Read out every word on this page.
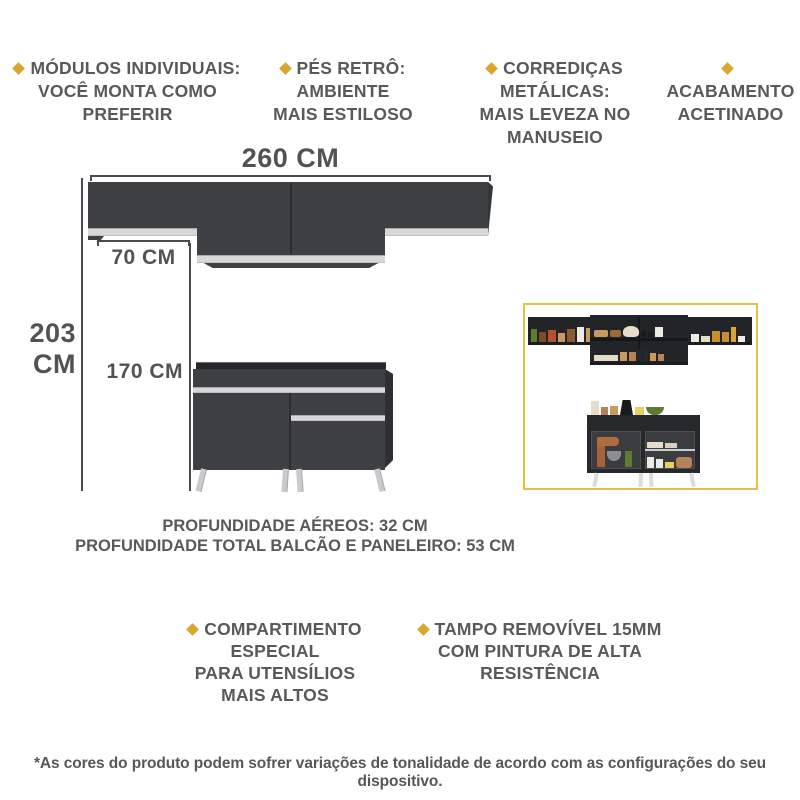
MÓDULOS INDIVIDUAIS:
VOCÊ MONTA COMO PREFERIR
PÉS RETRÔ: AMBIENTE
MAIS ESTILOSO
CORREDIÇAS METÁLICAS:
MAIS LEVEZA NO MANUSEIO
ACABAMENTO
ACETINADO
260 CM
203 CM
70 CM
170 CM
PROFUNDIDADE AÉREOS: 32 CM
PROFUNDIDADE TOTAL BALCÃO E PANELEIRO: 53 CM
COMPARTIMENTO ESPECIAL
PARA UTENSÍLIOS
MAIS ALTOS
TAMPO REMOVÍVEL 15MM
COM PINTURA DE ALTA
RESISTÊNCIA
*As cores do produto podem sofrer variações de tonalidade de acordo com as configurações do seu dispositivo.
